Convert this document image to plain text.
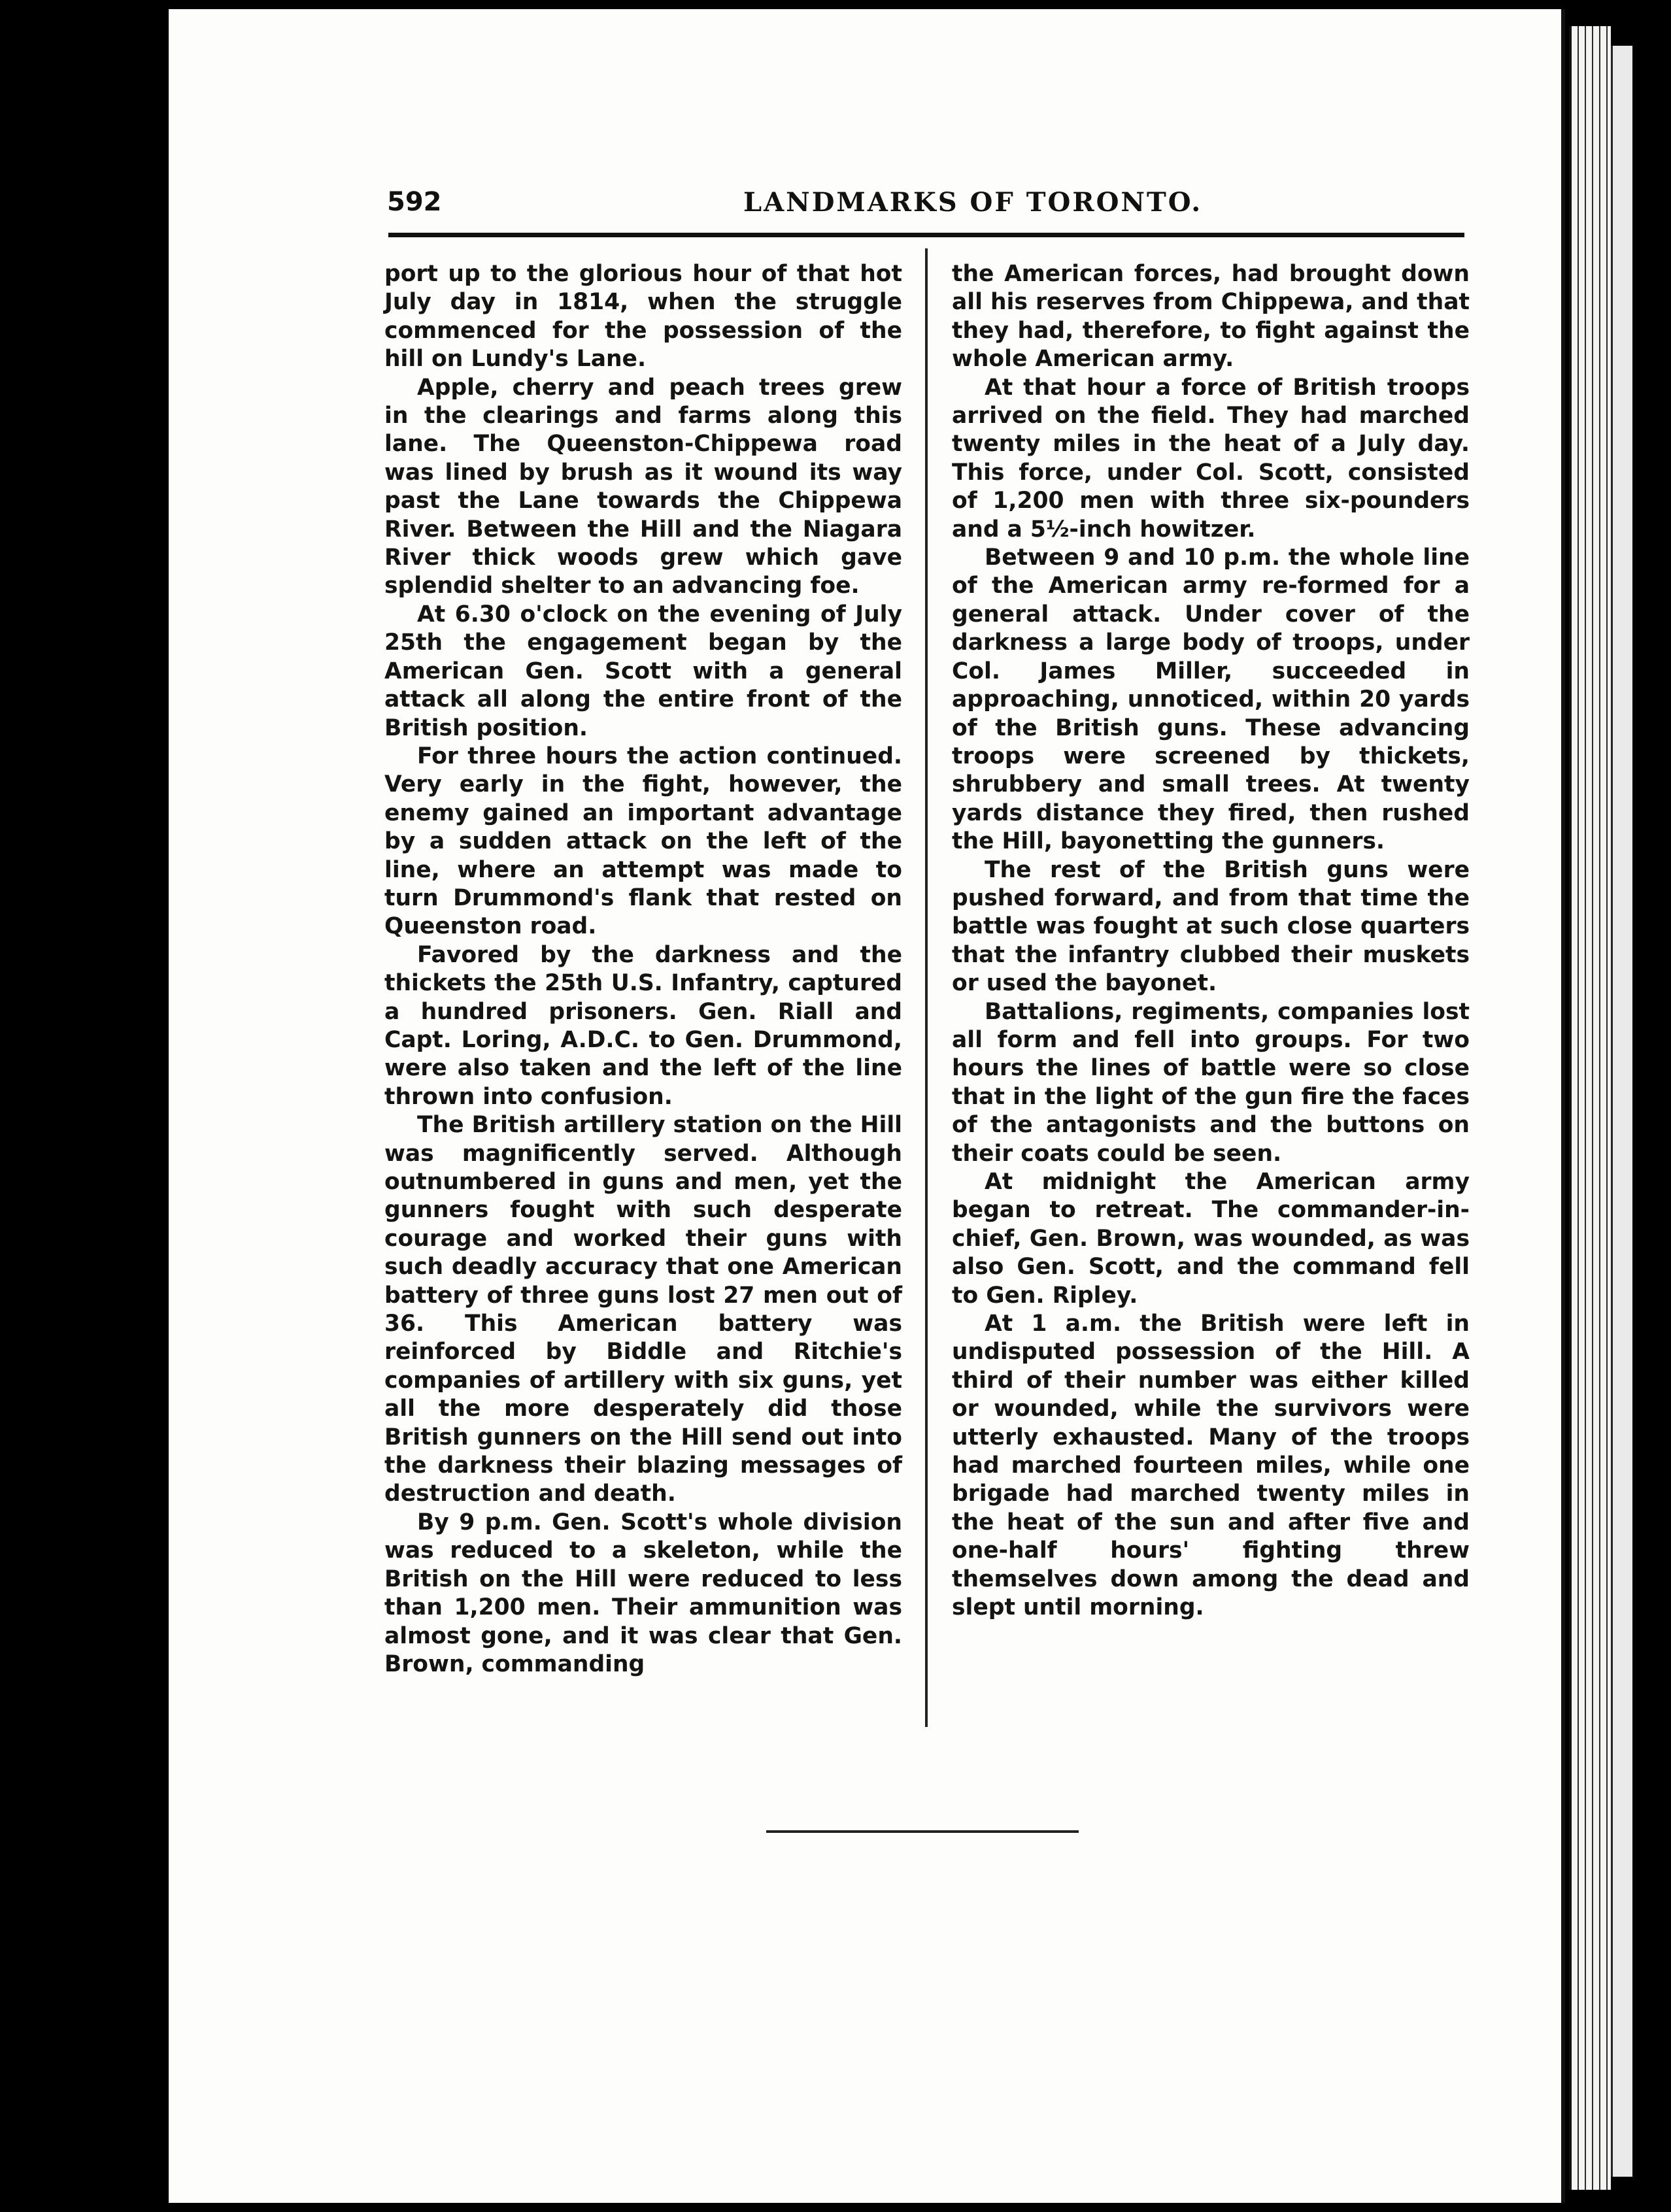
592	LANDMARKS OF TORONTO.

port up to the glorious hour of that hot July day in 1814, when the struggle commenced for the possession of the hill on Lundy's Lane.

Apple, cherry and peach trees grew in the clearings and farms along this lane. The Queenston-Chippewa road was lined by brush as it wound its way past the Lane towards the Chippewa River. Between the Hill and the Niagara River thick woods grew which gave splendid shelter to an advancing foe.

At 6.30 o'clock on the evening of July 25th the engagement began by the American Gen. Scott with a general attack all along the entire front of the British position.

For three hours the action continued. Very early in the fight, however, the enemy gained an important advantage by a sudden attack on the left of the line, where an attempt was made to turn Drummond's flank that rested on Queenston road.

Favored by the darkness and the thickets the 25th U.S. Infantry, captured a hundred prisoners. Gen. Riall and Capt. Loring, A.D.C. to Gen. Drummond, were also taken and the left of the line thrown into confusion.

The British artillery station on the Hill was magnificently served. Although outnumbered in guns and men, yet the gunners fought with such desperate courage and worked their guns with such deadly accuracy that one American battery of three guns lost 27 men out of 36. This American battery was reinforced by Biddle and Ritchie's companies of artillery with six guns, yet all the more desperately did those British gunners on the Hill send out into the darkness their blazing messages of destruction and death.

By 9 p.m. Gen. Scott's whole division was reduced to a skeleton, while the British on the Hill were reduced to less than 1,200 men. Their ammunition was almost gone, and it was clear that Gen. Brown, commanding

the American forces, had brought down all his reserves from Chippewa, and that they had, therefore, to fight against the whole American army.

At that hour a force of British troops arrived on the field. They had marched twenty miles in the heat of a July day. This force, under Col. Scott, consisted of 1,200 men with three six-pounders and a 5½-inch howitzer.

Between 9 and 10 p.m. the whole line of the American army re-formed for a general attack. Under cover of the darkness a large body of troops, under Col. James Miller, succeeded in approaching, unnoticed, within 20 yards of the British guns. These advancing troops were screened by thickets, shrubbery and small trees. At twenty yards distance they fired, then rushed the Hill, bayonetting the gunners.

The rest of the British guns were pushed forward, and from that time the battle was fought at such close quarters that the infantry clubbed their muskets or used the bayonet.

Battalions, regiments, companies lost all form and fell into groups. For two hours the lines of battle were so close that in the light of the gun fire the faces of the antagonists and the buttons on their coats could be seen.

At midnight the American army began to retreat. The commander-inchief, Gen. Brown, was wounded, as was also Gen. Scott, and the command fell to Gen. Ripley.

At 1 a.m. the British were left in undisputed possession of the Hill. A third of their number was either killed or wounded, while the survivors were utterly exhausted. Many of the troops had marched fourteen miles, while one brigade had marched twenty miles in the heat of the sun and after five and one-half hours' fighting threw themselves down among the dead and slept until morning.
